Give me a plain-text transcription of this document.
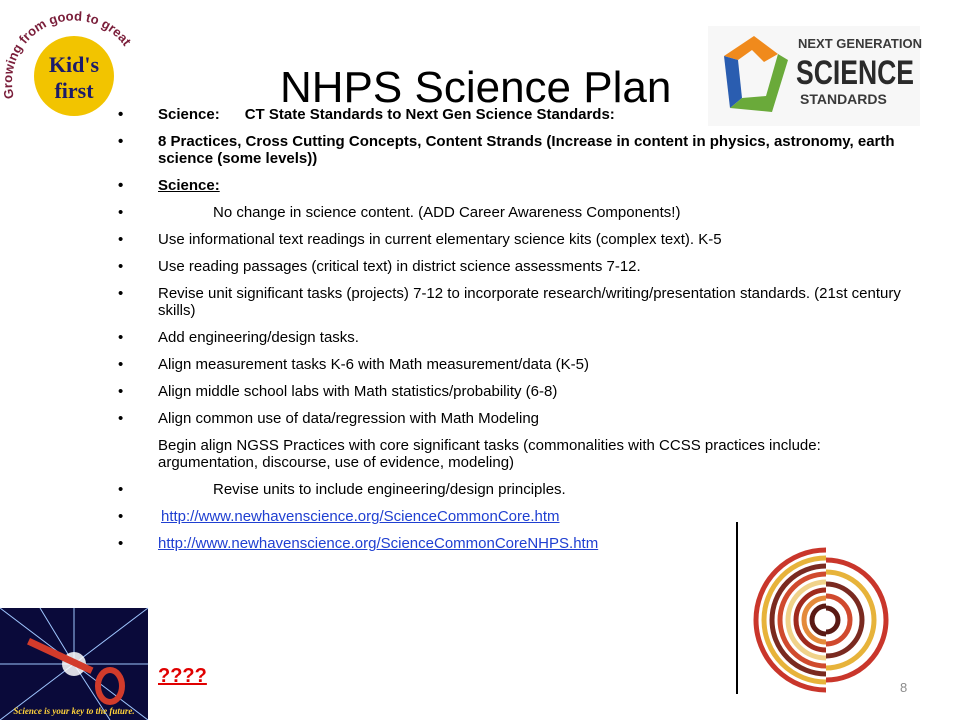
Growing from good to great
Kid's
first	NHPS Science Plan
NEXT GENERATION
SCIENCE
STANDARDS
• Science:      CT State Standards to Next Gen Science Standards:
• 8 Practices, Cross Cutting Concepts, Content Strands (Increase in content in physics, astronomy, earth science (some levels))
• Science:
•	No change in science content. (ADD Career Awareness Components!)
• Use informational text readings in current elementary science kits (complex text). K-5
• Use reading passages (critical text) in district science assessments 7-12.
• Revise unit significant tasks (projects) 7-12 to incorporate research/writing/presentation standards. (21st century skills)
• Add engineering/design tasks.
• Align measurement tasks K-6 with Math measurement/data (K-5)
• Align middle school labs with Math statistics/probability (6-8)
• Align common use of data/regression with Math Modeling
Begin align NGSS Practices with core significant tasks (commonalities with CCSS practices include: argumentation, discourse, use of evidence, modeling)
•	Revise units to include engineering/design principles.
•	http://www.newhavenscience.org/ScienceCommonCore.htm
• http://www.newhavenscience.org/ScienceCommonCoreNHPS.htm
Science is your key to the future.
????
8
